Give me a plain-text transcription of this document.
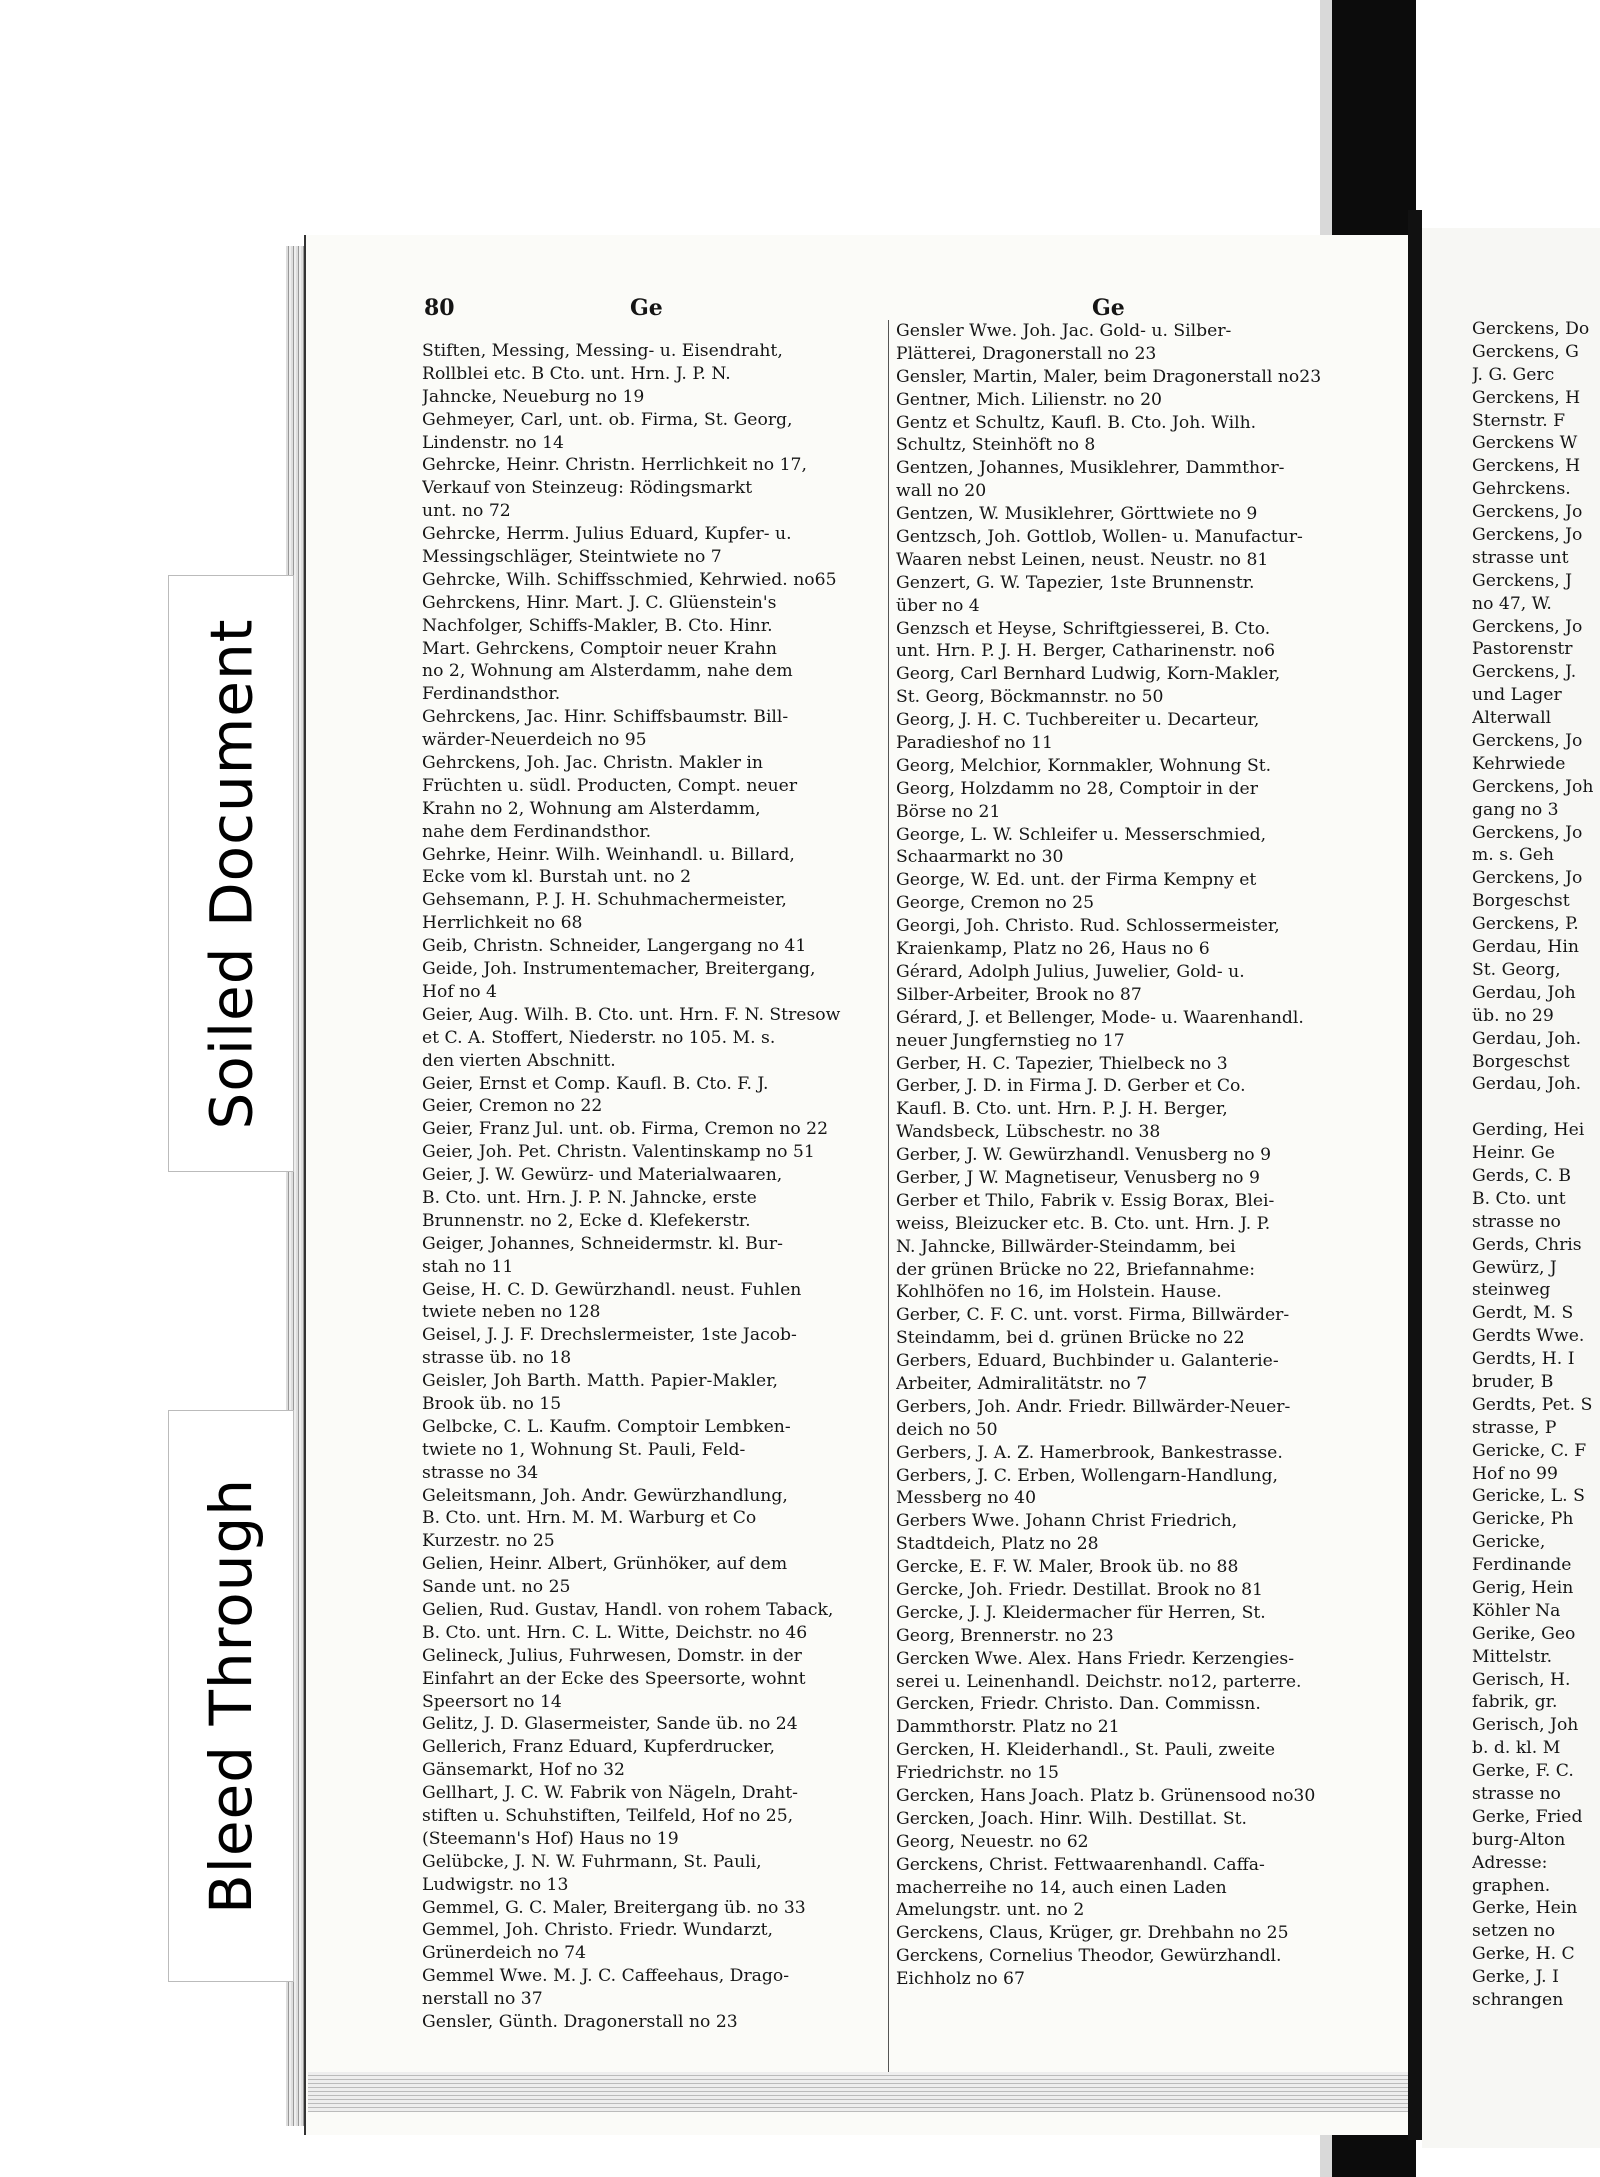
80	Ge	Ge
Stiften, Messing, Messing- u. Eisendraht,
Rollblei etc. B Cto. unt. Hrn. J. P. N.
Jahncke, Neueburg no 19
Gehmeyer, Carl, unt. ob. Firma, St. Georg,
Lindenstr. no 14
Gehrcke, Heinr. Christn. Herrlichkeit no 17,
Verkauf von Steinzeug: Rödingsmarkt
unt. no 72
Gehrcke, Herrm. Julius Eduard, Kupfer- u.
Messingschläger, Steintwiete no 7
Gehrcke, Wilh. Schiffsschmied, Kehrwied. no65
Gehrckens, Hinr. Mart. J. C. Glüenstein's
Nachfolger, Schiffs-Makler, B. Cto. Hinr.
Mart. Gehrckens, Comptoir neuer Krahn
no 2, Wohnung am Alsterdamm, nahe dem
Ferdinandsthor.
Gehrckens, Jac. Hinr. Schiffsbaumstr. Bill-
wärder-Neuerdeich no 95
Gehrckens, Joh. Jac. Christn. Makler in
Früchten u. südl. Producten, Compt. neuer
Krahn no 2, Wohnung am Alsterdamm,
nahe dem Ferdinandsthor.
Gehrke, Heinr. Wilh. Weinhandl. u. Billard,
Ecke vom kl. Burstah unt. no 2
Gehsemann, P. J. H. Schuhmachermeister,
Herrlichkeit no 68
Geib, Christn. Schneider, Langergang no 41
Geide, Joh. Instrumentemacher, Breitergang,
Hof no 4
Geier, Aug. Wilh. B. Cto. unt. Hrn. F. N. Stresow
et C. A. Stoffert, Niederstr. no 105. M. s.
den vierten Abschnitt.
Geier, Ernst et Comp. Kaufl. B. Cto. F. J.
Geier, Cremon no 22
Geier, Franz Jul. unt. ob. Firma, Cremon no 22
Geier, Joh. Pet. Christn. Valentinskamp no 51
Geier, J. W. Gewürz- und Materialwaaren,
B. Cto. unt. Hrn. J. P. N. Jahncke, erste
Brunnenstr. no 2, Ecke d. Klefekerstr.
Geiger, Johannes, Schneidermstr. kl. Bur-
stah no 11
Geise, H. C. D. Gewürzhandl. neust. Fuhlen
twiete neben no 128
Geisel, J. J. F. Drechslermeister, 1ste Jacob-
strasse üb. no 18
Geisler, Joh Barth. Matth. Papier-Makler,
Brook üb. no 15
Gelbcke, C. L. Kaufm. Comptoir Lembken-
twiete no 1, Wohnung St. Pauli, Feld-
strasse no 34
Geleitsmann, Joh. Andr. Gewürzhandlung,
B. Cto. unt. Hrn. M. M. Warburg et Co
Kurzestr. no 25
Gelien, Heinr. Albert, Grünhöker, auf dem
Sande unt. no 25
Gelien, Rud. Gustav, Handl. von rohem Taback,
B. Cto. unt. Hrn. C. L. Witte, Deichstr. no 46
Gelineck, Julius, Fuhrwesen, Domstr. in der
Einfahrt an der Ecke des Speersorte, wohnt
Speersort no 14
Gelitz, J. D. Glasermeister, Sande üb. no 24
Gellerich, Franz Eduard, Kupferdrucker,
Gänsemarkt, Hof no 32
Gellhart, J. C. W. Fabrik von Nägeln, Draht-
stiften u. Schuhstiften, Teilfeld, Hof no 25,
(Steemann's Hof) Haus no 19
Gelübcke, J. N. W. Fuhrmann, St. Pauli,
Ludwigstr. no 13
Gemmel, G. C. Maler, Breitergang üb. no 33
Gemmel, Joh. Christo. Friedr. Wundarzt,
Grünerdeich no 74
Gemmel Wwe. M. J. C. Caffeehaus, Drago-
nerstall no 37
Gensler, Günth. Dragonerstall no 23
Gensler Wwe. Joh. Jac. Gold- u. Silber-
Plätterei, Dragonerstall no 23
Gensler, Martin, Maler, beim Dragonerstall no23
Gentner, Mich. Lilienstr. no 20
Gentz et Schultz, Kaufl. B. Cto. Joh. Wilh.
Schultz, Steinhöft no 8
Gentzen, Johannes, Musiklehrer, Dammthor-
wall no 20
Gentzen, W. Musiklehrer, Görttwiete no 9
Gentzsch, Joh. Gottlob, Wollen- u. Manufactur-
Waaren nebst Leinen, neust. Neustr. no 81
Genzert, G. W. Tapezier, 1ste Brunnenstr.
über no 4
Genzsch et Heyse, Schriftgiesserei, B. Cto.
unt. Hrn. P. J. H. Berger, Catharinenstr. no6
Georg, Carl Bernhard Ludwig, Korn-Makler,
St. Georg, Böckmannstr. no 50
Georg, J. H. C. Tuchbereiter u. Decarteur,
Paradieshof no 11
Georg, Melchior, Kornmakler, Wohnung St.
Georg, Holzdamm no 28, Comptoir in der
Börse no 21
George, L. W. Schleifer u. Messerschmied,
Schaarmarkt no 30
George, W. Ed. unt. der Firma Kempny et
George, Cremon no 25
Georgi, Joh. Christo. Rud. Schlossermeister,
Kraienkamp, Platz no 26, Haus no 6
Gérard, Adolph Julius, Juwelier, Gold- u.
Silber-Arbeiter, Brook no 87
Gérard, J. et Bellenger, Mode- u. Waarenhandl.
neuer Jungfernstieg no 17
Gerber, H. C. Tapezier, Thielbeck no 3
Gerber, J. D. in Firma J. D. Gerber et Co.
Kaufl. B. Cto. unt. Hrn. P. J. H. Berger,
Wandsbeck, Lübschestr. no 38
Gerber, J. W. Gewürzhandl. Venusberg no 9
Gerber, J W. Magnetiseur, Venusberg no 9
Gerber et Thilo, Fabrik v. Essig Borax, Blei-
weiss, Bleizucker etc. B. Cto. unt. Hrn. J. P.
N. Jahncke, Billwärder-Steindamm, bei
der grünen Brücke no 22, Briefannahme:
Kohlhöfen no 16, im Holstein. Hause.
Gerber, C. F. C. unt. vorst. Firma, Billwärder-
Steindamm, bei d. grünen Brücke no 22
Gerbers, Eduard, Buchbinder u. Galanterie-
Arbeiter, Admiralitätstr. no 7
Gerbers, Joh. Andr. Friedr. Billwärder-Neuer-
deich no 50
Gerbers, J. A. Z. Hamerbrook, Bankestrasse.
Gerbers, J. C. Erben, Wollengarn-Handlung,
Messberg no 40
Gerbers Wwe. Johann Christ Friedrich,
Stadtdeich, Platz no 28
Gercke, E. F. W. Maler, Brook üb. no 88
Gercke, Joh. Friedr. Destillat. Brook no 81
Gercke, J. J. Kleidermacher für Herren, St.
Georg, Brennerstr. no 23
Gercken Wwe. Alex. Hans Friedr. Kerzengies-
serei u. Leinenhandl. Deichstr. no12, parterre.
Gercken, Friedr. Christo. Dan. Commissn.
Dammthorstr. Platz no 21
Gercken, H. Kleiderhandl., St. Pauli, zweite
Friedrichstr. no 15
Gercken, Hans Joach. Platz b. Grünensood no30
Gercken, Joach. Hinr. Wilh. Destillat. St.
Georg, Neuestr. no 62
Gerckens, Christ. Fettwaarenhandl. Caffa-
macherreihe no 14, auch einen Laden
Amelungstr. unt. no 2
Gerckens, Claus, Krüger, gr. Drehbahn no 25
Gerckens, Cornelius Theodor, Gewürzhandl.
Eichholz no 67
Gerckens, Do
Gerckens, G
J. G. Gerc
Gerckens, H
Sternstr. F
Gerckens W
Gerckens, H
Gehrckens.
Gerckens, Jo
Gerckens, Jo
strasse unt
Gerckens, J
no 47, W.
Gerckens, Jo
Pastorenstr
Gerckens, J.
und Lager
Alterwall
Gerckens, Jo
Kehrwiede
Gerckens, Joh
gang no 3
Gerckens, Jo
m. s. Geh
Gerckens, Jo
Borgeschst
Gerckens, P.
Gerdau, Hin
St. Georg,
Gerdau, Joh
üb. no 29
Gerdau, Joh.
Borgeschst
Gerdau, Joh.
Gerding, Hei
Heinr. Ge
Gerds, C. B
B. Cto. unt
strasse no
Gerds, Chris
Gewürz, J
steinweg
Gerdt, M. S
Gerdts Wwe.
Gerdts, H. I
bruder, B
Gerdts, Pet. S
strasse, P
Gericke, C. F
Hof no 99
Gericke, L. S
Gericke, Ph
Gericke,
Ferdinande
Gerig, Hein
Köhler Na
Gerike, Geo
Mittelstr.
Gerisch, H.
fabrik, gr.
Gerisch, Joh
b. d. kl. M
Gerke, F. C.
strasse no
Gerke, Fried
burg-Alton
Adresse:
graphen.
Gerke, Hein
setzen no
Gerke, H. C
Gerke, J. I
schrangen
Soiled Document
Bleed Through
